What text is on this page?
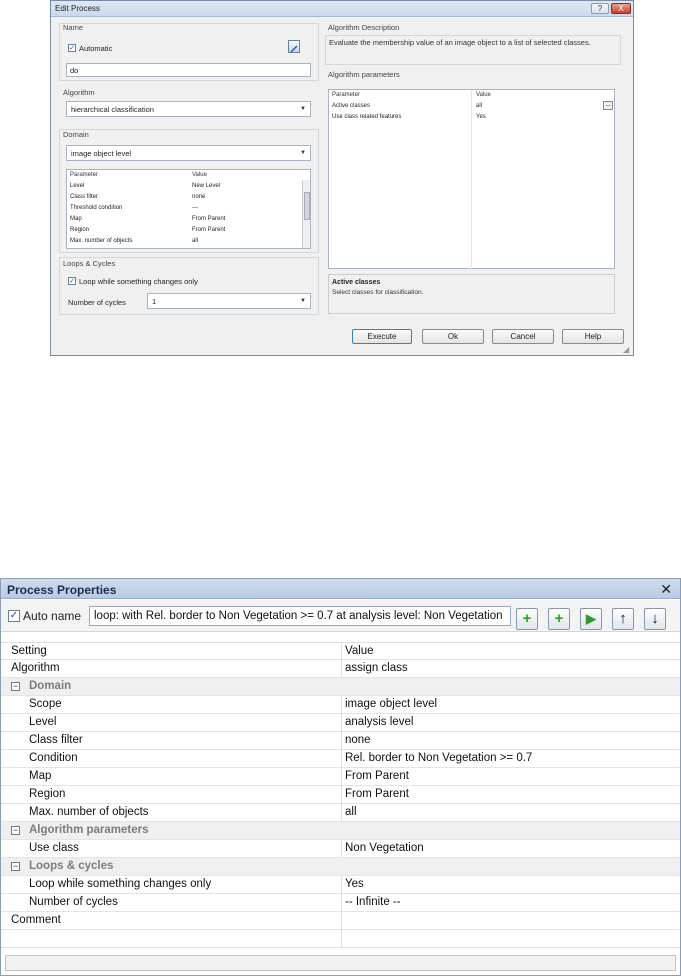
Edit Process	?	X
Name
✓ Automatic
do
Algorithm
hierarchical classification	▼
Domain
image object level	▼
Parameter	Value
Level	New Level
Class filter	none
Threshold condition	---
Map	From Parent
Region	From Parent
Max. number of objects	all
Loops & Cycles
✓ Loop while something changes only
Number of cycles	1	▼
Algorithm Description
Evaluate the membership value of an image object to a list of selected classes.
Algorithm parameters
Parameter	Value
Active classes	all	...
Use class related features	Yes
Active classes
Select classes for classification.
Execute	Ok	Cancel	Help
◢
Process Properties	✕
✓ Auto name	loop: with Rel. border to Non Vegetation >= 0.7 at analysis level: Non Vegetation	+	+	▶	↑	↓
Setting	Value
Algorithm	assign class
− Domain
Scope	image object level
Level	analysis level
Class filter	none
Condition	Rel. border to Non Vegetation >= 0.7
Map	From Parent
Region	From Parent
Max. number of objects	all
− Algorithm parameters
Use class	Non Vegetation
− Loops & cycles
Loop while something changes only	Yes
Number of cycles	-- Infinite --
Comment
